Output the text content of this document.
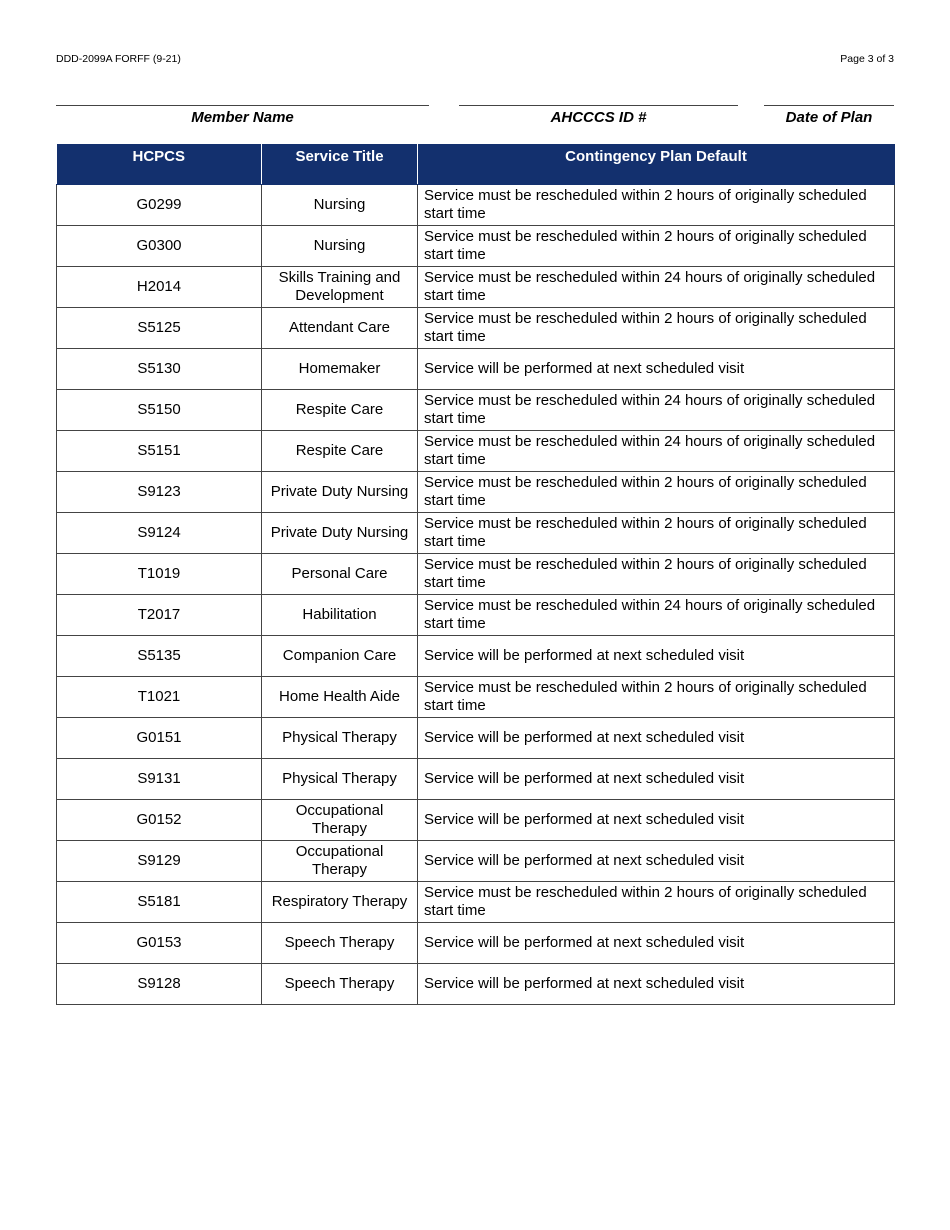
DDD-2099A FORFF (9-21)	Page 3 of 3
Member Name	AHCCCS ID #	Date of Plan
HCPCS	Service Title	Contingency Plan Default
G0299	Nursing	Service must be rescheduled within 2 hours of originally scheduled start time
G0300	Nursing	Service must be rescheduled within 2 hours of originally scheduled start time
H2014	Skills Training and Development	Service must be rescheduled within 24 hours of originally scheduled start time
S5125	Attendant Care	Service must be rescheduled within 2 hours of originally scheduled start time
S5130	Homemaker	Service will be performed at next scheduled visit
S5150	Respite Care	Service must be rescheduled within 24 hours of originally scheduled start time
S5151	Respite Care	Service must be rescheduled within 24 hours of originally scheduled start time
S9123	Private Duty Nursing	Service must be rescheduled within 2 hours of originally scheduled start time
S9124	Private Duty Nursing	Service must be rescheduled within 2 hours of originally scheduled start time
T1019	Personal Care	Service must be rescheduled within 2 hours of originally scheduled start time
T2017	Habilitation	Service must be rescheduled within 24 hours of originally scheduled start time
S5135	Companion Care	Service will be performed at next scheduled visit
T1021	Home Health Aide	Service must be rescheduled within 2 hours of originally scheduled start time
G0151	Physical Therapy	Service will be performed at next scheduled visit
S9131	Physical Therapy	Service will be performed at next scheduled visit
G0152	Occupational Therapy	Service will be performed at next scheduled visit
S9129	Occupational Therapy	Service will be performed at next scheduled visit
S5181	Respiratory Therapy	Service must be rescheduled within 2 hours of originally scheduled start time
G0153	Speech Therapy	Service will be performed at next scheduled visit
S9128	Speech Therapy	Service will be performed at next scheduled visit
